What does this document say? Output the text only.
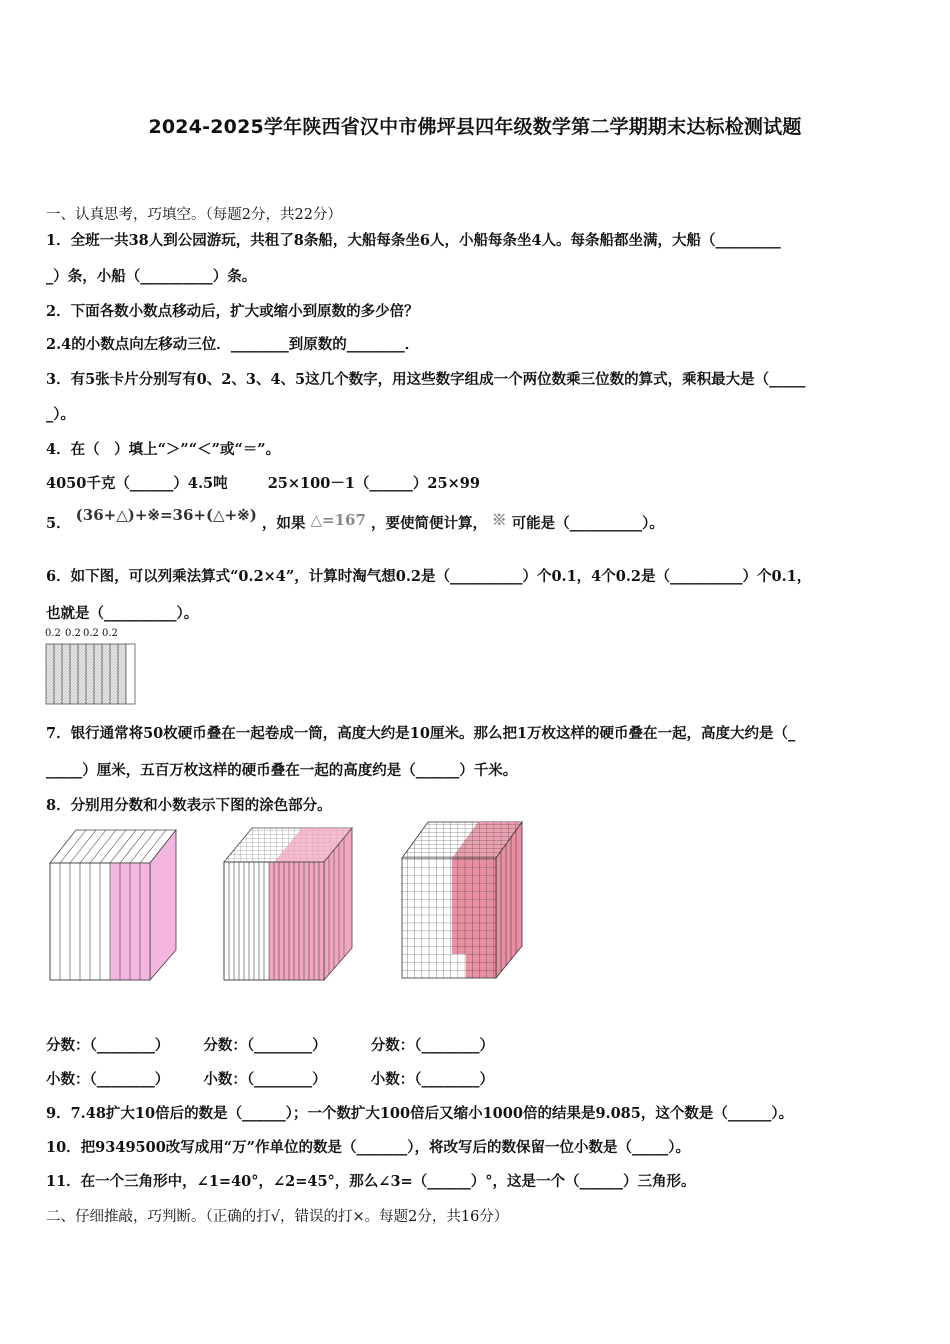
2024-2025学年陕西省汉中市佛坪县四年级数学第二学期期末达标检测试题
一、认真思考，巧填空。（每题2分，共22分）
1．全班一共38人到公园游玩，共租了8条船，大船每条坐6人，小船每条坐4人。每条船都坐满，大船（_________
_）条，小船（__________）条。
2．下面各数小数点移动后，扩大或缩小到原数的多少倍？
2.4的小数点向左移动三位．________到原数的________．
3．有5张卡片分别写有0、2、3、4、5这几个数字，用这些数字组成一个两位数乘三位数的算式，乘积最大是（_____
_）。
4．在（　）填上“＞”“＜”或“＝”。
4050千克（______）4.5吨	25×100－1（______）25×99
5． (36+△)+※=36+(△+※) ，如果 △=167 ，要使简便计算， ※ 可能是（__________）。
6．如下图，可以列乘法算式“0.2×4”，计算时淘气想0.2是（__________）个0.1，4个0.2是（__________）个0.1，
也就是（__________）。
0.2 0.2 0.2 0.2
7．银行通常将50枚硬币叠在一起卷成一筒，高度大约是10厘米。那么把1万枚这样的硬币叠在一起，高度大约是（_
_____）厘米，五百万枚这样的硬币叠在一起的高度约是（______）千米。
8．分别用分数和小数表示下图的涂色部分。
分数：（________） 分数：（________）	分数：（________）
小数：（________） 小数：（________）	小数：（________）
9．7.48扩大10倍后的数是（______）；一个数扩大100倍后又缩小1000倍的结果是9.085，这个数是（______）。
10．把9349500改写成用“万”作单位的数是（_______），将改写后的数保留一位小数是（_____）。
11．在一个三角形中，∠1=40°，∠2=45°，那么∠3=（______）°，这是一个（______）三角形。
二、仔细推敲，巧判断。（正确的打√，错误的打×。每题2分，共16分）
